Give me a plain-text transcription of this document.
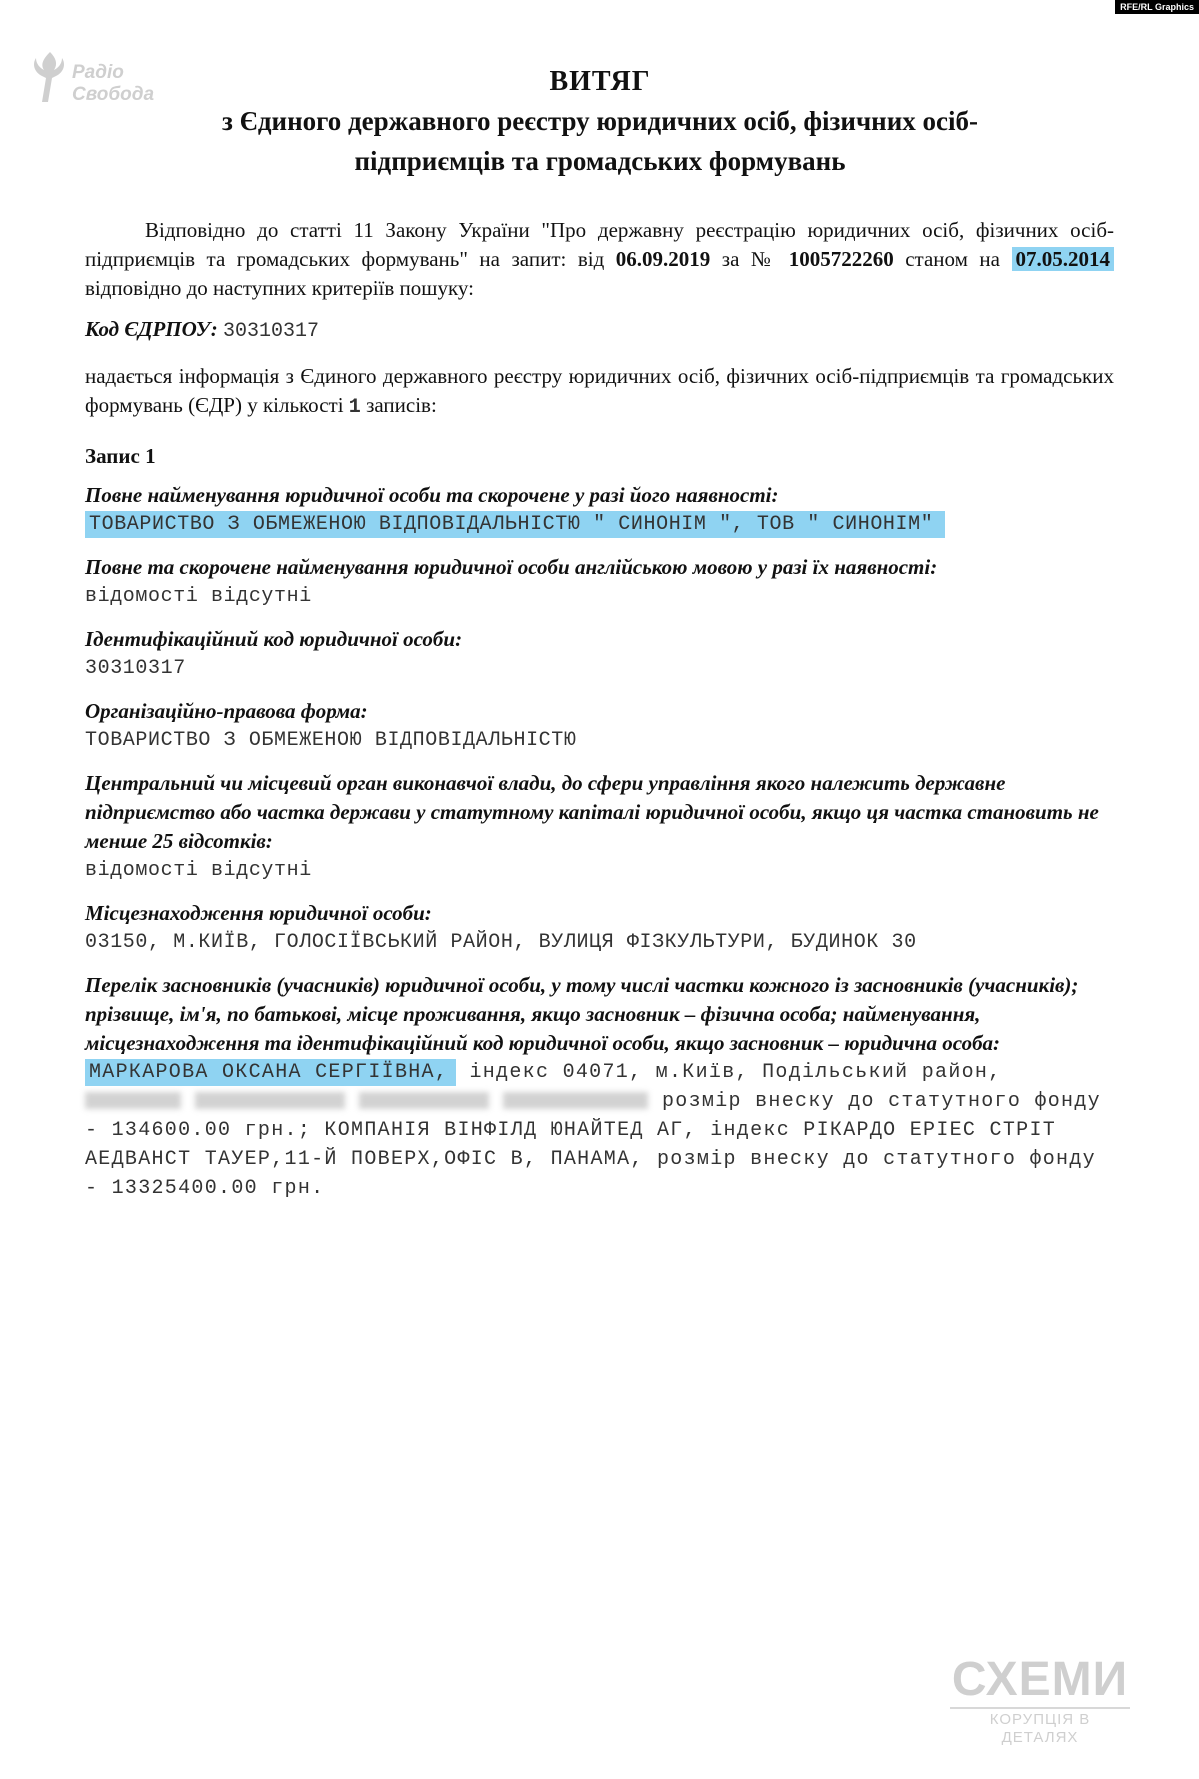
RFE/RL Graphics
Радіо
Свобода	ВИТЯГ
з Єдиного державного реєстру юридичних осіб, фізичних осіб-
підприємців та громадських формувань

Відповідно до статті 11 Закону України "Про державну реєстрацію юридичних осіб, фізичних осіб-підприємців та громадських формувань" на запит: від 06.09.2019 за № 1005722260 станом на 07.05.2014 відповідно до наступних критеріїв пошуку:

Код ЄДРПОУ: 30310317

надається інформація з Єдиного державного реєстру юридичних осіб, фізичних осіб-підприємців та громадських формувань (ЄДР) у кількості 1 записів:

Запис 1
Повне найменування юридичної особи та скорочене у разі його наявності:
ТОВАРИСТВО З ОБМЕЖЕНОЮ ВІДПОВІДАЛЬНІСТЮ " СИНОНІМ ", ТОВ " СИНОНІМ"
Повне та скорочене найменування юридичної особи англійською мовою у разі їх наявності:
відомості відсутні
Ідентифікаційний код юридичної особи:
30310317
Організаційно-правова форма:
ТОВАРИСТВО З ОБМЕЖЕНОЮ ВІДПОВІДАЛЬНІСТЮ
Центральний чи місцевий орган виконавчої влади, до сфери управління якого належить державне підприємство або частка держави у статутному капіталі юридичної особи, якщо ця частка становить не менше 25 відсотків:
відомості відсутні
Місцезнаходження юридичної особи:
03150, М.КИЇВ, ГОЛОСІЇВСЬКИЙ РАЙОН, ВУЛИЦЯ ФІЗКУЛЬТУРИ, БУДИНОК 30
Перелік засновників (учасників) юридичної особи, у тому числі частки кожного із засновників (учасників); прізвище, ім'я, по батькові, місце проживання, якщо засновник – фізична особа; найменування, місцезнаходження та ідентифікаційний код юридичної особи, якщо засновник – юридична особа:
МАРКАРОВА ОКСАНА СЕРГІЇВНА, індекс 04071, м.Київ, Подільський район,
розмір внеску до статутного фонду - 134600.00 грн.; КОМПАНІЯ ВІНФІЛД ЮНАЙТЕД АГ, індекс РІКАРДО ЕРІЕС СТРІТ АЕДВАНСТ ТАУЕР,11-Й ПОВЕРХ,ОФІС В, ПАНАМА, розмір внеску до статутного фонду - 13325400.00 грн.
СХЕМИ
КОРУПЦІЯ В ДЕТАЛЯХ
